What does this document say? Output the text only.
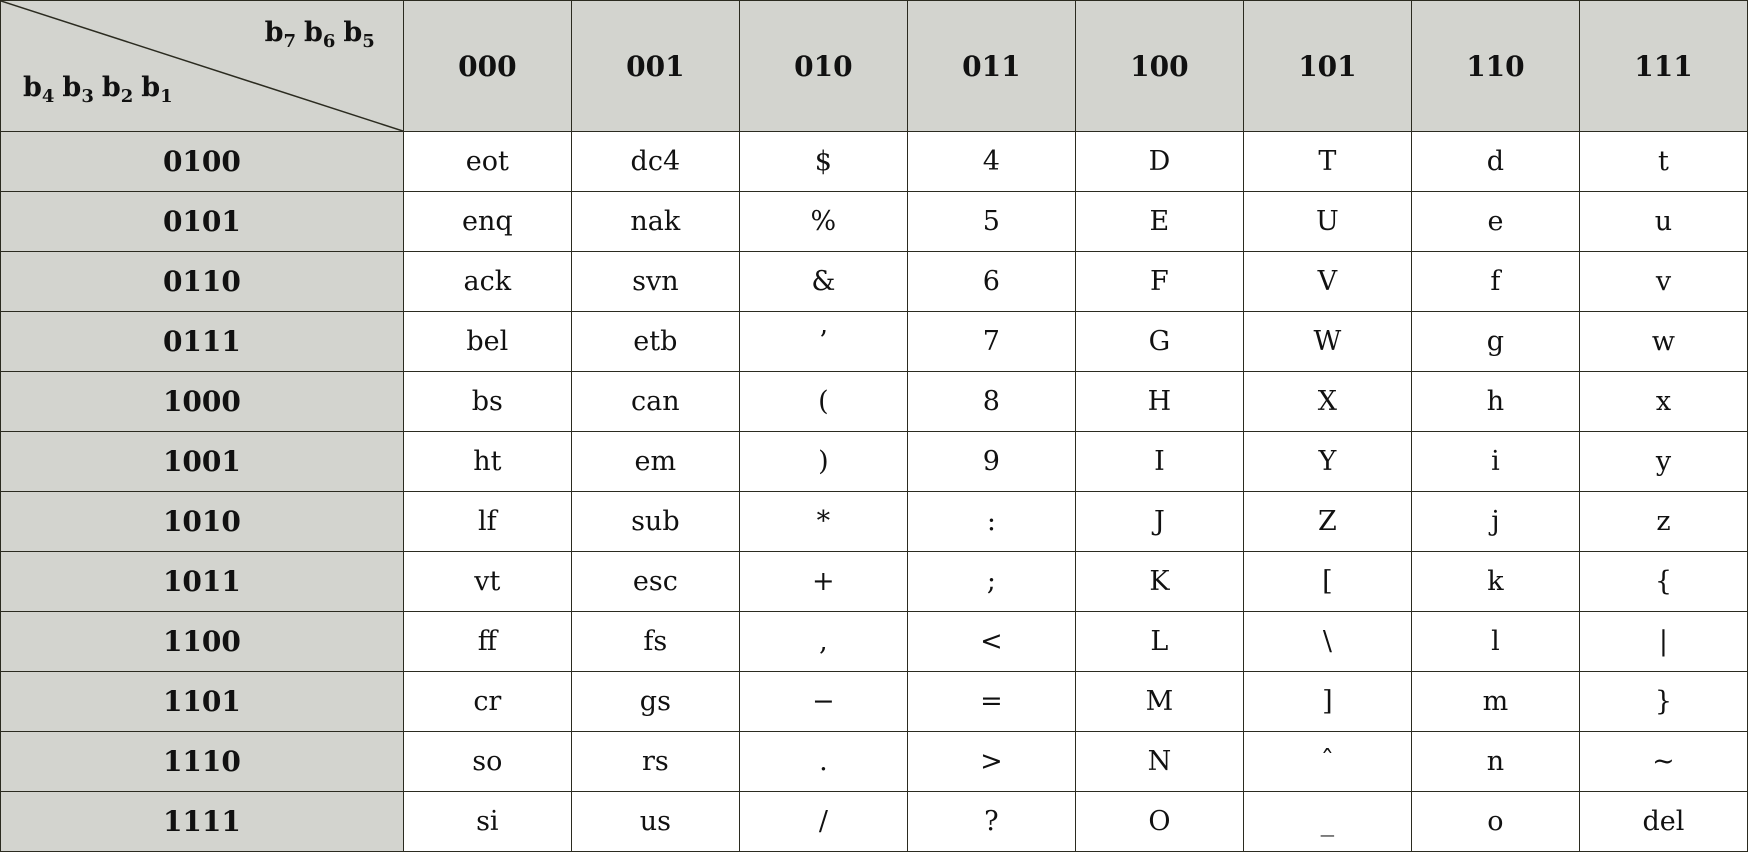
$b_7$ $b_6$ $b_5$
$b_4$ $b_3$ $b_2$ $b_1$	000	001	010	011	100	101	110	111
0100	eot	dc4	$	4	D	T	d	t
0101	enq	nak	%	5	E	U	e	u
0110	ack	svn	&	6	F	V	f	v
0111	bel	etb	’	7	G	W	g	w
1000	bs	can	(	8	H	X	h	x
1001	ht	em	)	9	I	Y	i	y
1010	lf	sub	*	:	J	Z	j	z
1011	vt	esc	+	;	K	[	k	{
1100	ff	fs	,	<	L	\	l	|
1101	cr	gs	−	=	M	]	m	}
1110	so	rs	.	>	N	ˆ	n	~
1111	si	us	/	?	O	_	o	del
